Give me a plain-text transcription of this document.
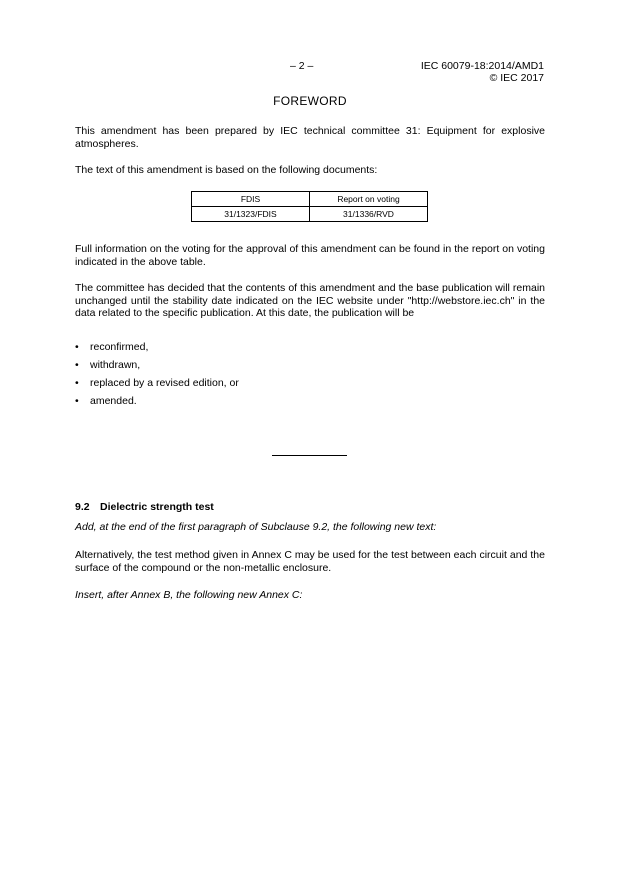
– 2 –	IEC 60079-18:2014/AMD1
© IEC 2017
FOREWORD

This amendment has been prepared by IEC technical committee 31: Equipment for explosive atmospheres.

The text of this amendment is based on the following documents:

FDIS	Report on voting
31/1323/FDIS	31/1336/RVD

Full information on the voting for the approval of this amendment can be found in the report on voting indicated in the above table.

The committee has decided that the contents of this amendment and the base publication will remain unchanged until the stability date indicated on the IEC website under "http://webstore.iec.ch" in the data related to the specific publication. At this date, the publication will be

• reconfirmed,
• withdrawn,
• replaced by a revised edition, or
• amended.
9.2 Dielectric strength test

Add, at the end of the first paragraph of Subclause 9.2, the following new text:

Alternatively, the test method given in Annex C may be used for the test between each circuit and the surface of the compound or the non-metallic enclosure.

Insert, after Annex B, the following new Annex C:
